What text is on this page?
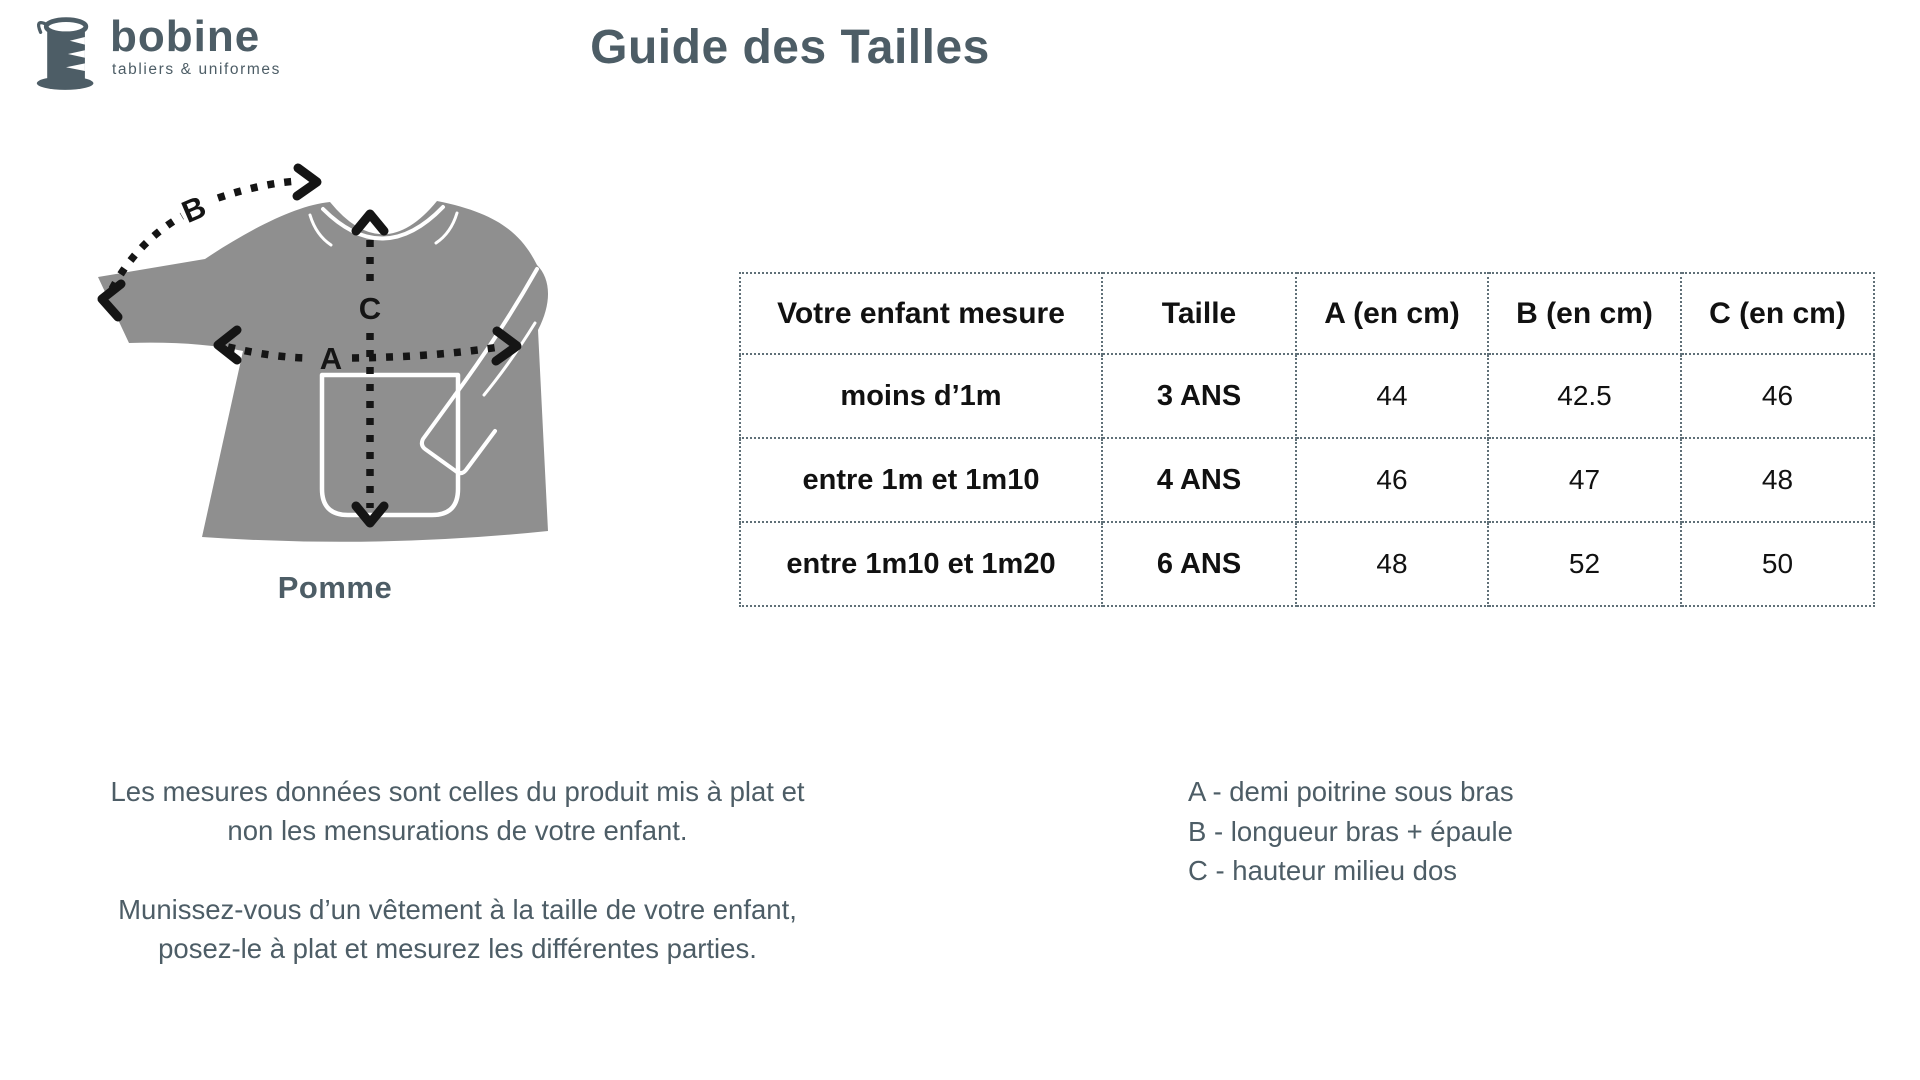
bobine
tabliers & uniformes	Guide des Tailles
B
C
A
Pomme
Votre enfant mesure	Taille	A (en cm)	B (en cm)	C (en cm)
moins d’1m	3 ANS	44	42.5	46
entre 1m et 1m10	4 ANS	46	47	48
entre 1m10 et 1m20	6 ANS	48	52	50
Les mesures données sont celles du produit mis à plat et
non les mensurations de votre enfant.
Munissez-vous d’un vêtement à la taille de votre enfant,
posez-le à plat et mesurez les différentes parties.
A - demi poitrine sous bras
B - longueur bras + épaule
C - hauteur milieu dos
